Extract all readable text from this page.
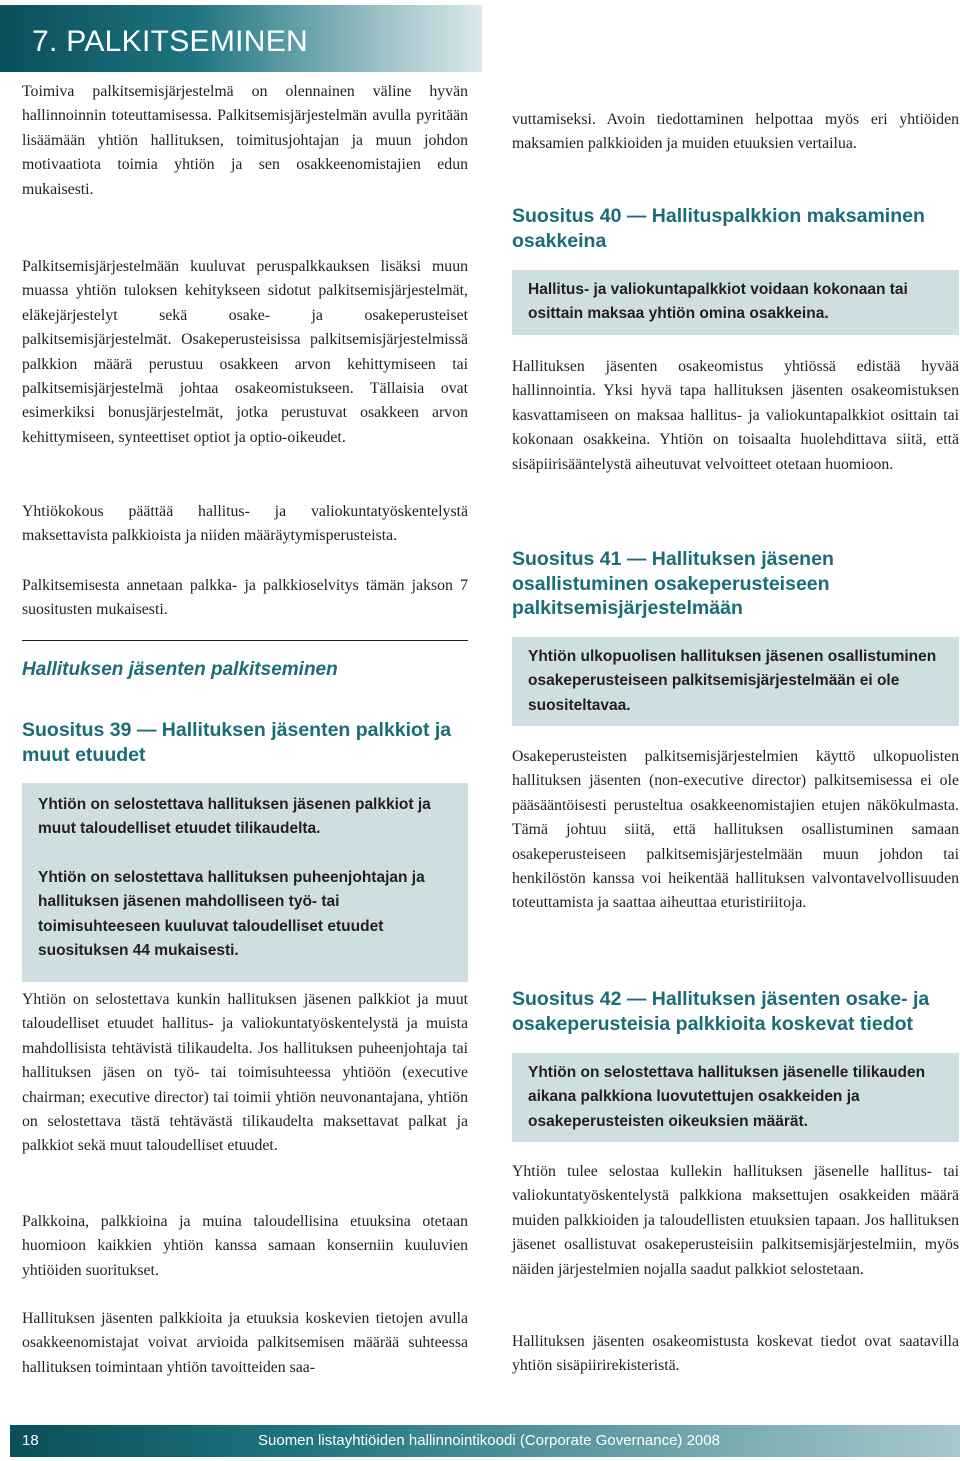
7. PALKITSEMINEN

Toimiva palkitsemisjärjestelmä on olennainen väline hyvän hallinnoinnin toteuttamisessa. Palkitsemisjärjestelmän avulla pyritään lisäämään yhtiön hallituksen, toimitusjohtajan ja muun johdon motivaatiota toimia yhtiön ja sen osakkeenomistajien edun mukaisesti.

Palkitsemisjärjestelmään kuuluvat peruspalkkauksen lisäksi muun muassa yhtiön tuloksen kehitykseen sidotut palkitsemisjärjestelmät, eläkejärjestelyt sekä osake- ja osakeperusteiset palkitsemisjärjestelmät. Osakeperusteisissa palkitsemisjärjestelmissä palkkion määrä perustuu osakkeen arvon kehittymiseen tai palkitsemisjärjestelmä johtaa osakeomistukseen. Tällaisia ovat esimerkiksi bonusjärjestelmät, jotka perustuvat osakkeen arvon kehittymiseen, synteettiset optiot ja optio-oikeudet.

Yhtiökokous päättää hallitus- ja valiokuntatyöskentelystä maksettavista palkkioista ja niiden määräytymisperusteista.

Palkitsemisesta annetaan palkka- ja palkkioselvitys tämän jakson 7 suositusten mukaisesti.

Hallituksen jäsenten palkitseminen
Suositus 39 — Hallituksen jäsenten palkkiot ja muut etuudet

Yhtiön on selostettava hallituksen jäsenen palkkiot ja muut taloudelliset etuudet tilikaudelta.

Yhtiön on selostettava hallituksen puheenjohtajan ja hallituksen jäsenen mahdolliseen työ- tai toimisuhteeseen kuuluvat taloudelliset etuudet suosituksen 44 mukaisesti.

Yhtiön on selostettava kunkin hallituksen jäsenen palkkiot ja muut taloudelliset etuudet hallitus- ja valiokuntatyöskentelystä ja muista mahdollisista tehtävistä tilikaudelta. Jos hallituksen puheenjohtaja tai hallituksen jäsen on työ- tai toimisuhteessa yhtiöön (executive chairman; executive director) tai toimii yhtiön neuvonantajana, yhtiön on selostettava tästä tehtävästä tilikaudelta maksettavat palkat ja palkkiot sekä muut taloudelliset etuudet.

Palkkoina, palkkioina ja muina taloudellisina etuuksina otetaan huomioon kaikkien yhtiön kanssa samaan konserniin kuuluvien yhtiöiden suoritukset.

Hallituksen jäsenten palkkioita ja etuuksia koskevien tietojen avulla osakkeenomistajat voivat arvioida palkitsemisen määrää suhteessa hallituksen toimintaan yhtiön tavoitteiden saa-

vuttamiseksi. Avoin tiedottaminen helpottaa myös eri yhtiöiden maksamien palkkioiden ja muiden etuuksien vertailua.

Suositus 40 — Hallituspalkkion maksaminen osakkeina

Hallitus- ja valiokuntapalkkiot voidaan kokonaan tai osittain maksaa yhtiön omina osakkeina.

Hallituksen jäsenten osakeomistus yhtiössä edistää hyvää hallinnointia. Yksi hyvä tapa hallituksen jäsenten osakeomistuksen kasvattamiseen on maksaa hallitus- ja valiokuntapalkkiot osittain tai kokonaan osakkeina. Yhtiön on toisaalta huolehdittava siitä, että sisäpiirisääntelystä aiheutuvat velvoitteet otetaan huomioon.

Suositus 41 — Hallituksen jäsenen osallistuminen osakeperusteiseen palkitsemisjärjestelmään

Yhtiön ulkopuolisen hallituksen jäsenen osallistuminen osakeperusteiseen palkitsemisjärjestelmään ei ole suositeltavaa.

Osakeperusteisten palkitsemisjärjestelmien käyttö ulkopuolisten hallituksen jäsenten (non-executive director) palkitsemisessa ei ole pääsääntöisesti perusteltua osakkeenomistajien etujen näkökulmasta. Tämä johtuu siitä, että hallituksen osallistuminen samaan osakeperusteiseen palkitsemisjärjestelmään muun johdon tai henkilöstön kanssa voi heikentää hallituksen valvontavelvollisuuden toteuttamista ja saattaa aiheuttaa eturistiriitoja.

Suositus 42 — Hallituksen jäsenten osake- ja osakeperusteisia palkkioita koskevat tiedot

Yhtiön on selostettava hallituksen jäsenelle tilikauden aikana palkkiona luovutettujen osakkeiden ja osakeperusteisten oikeuksien määrät.

Yhtiön tulee selostaa kullekin hallituksen jäsenelle hallitus- tai valiokuntatyöskentelystä palkkiona maksettujen osakkeiden määrä muiden palkkioiden ja taloudellisten etuuksien tapaan. Jos hallituksen jäsenet osallistuvat osakeperusteisiin palkitsemisjärjestelmiin, myös näiden järjestelmien nojalla saadut palkkiot selostetaan.

Hallituksen jäsenten osakeomistusta koskevat tiedot ovat saatavilla yhtiön sisäpiirirekisteristä.

18	Suomen listayhtiöiden hallinnointikoodi (Corporate Governance) 2008
